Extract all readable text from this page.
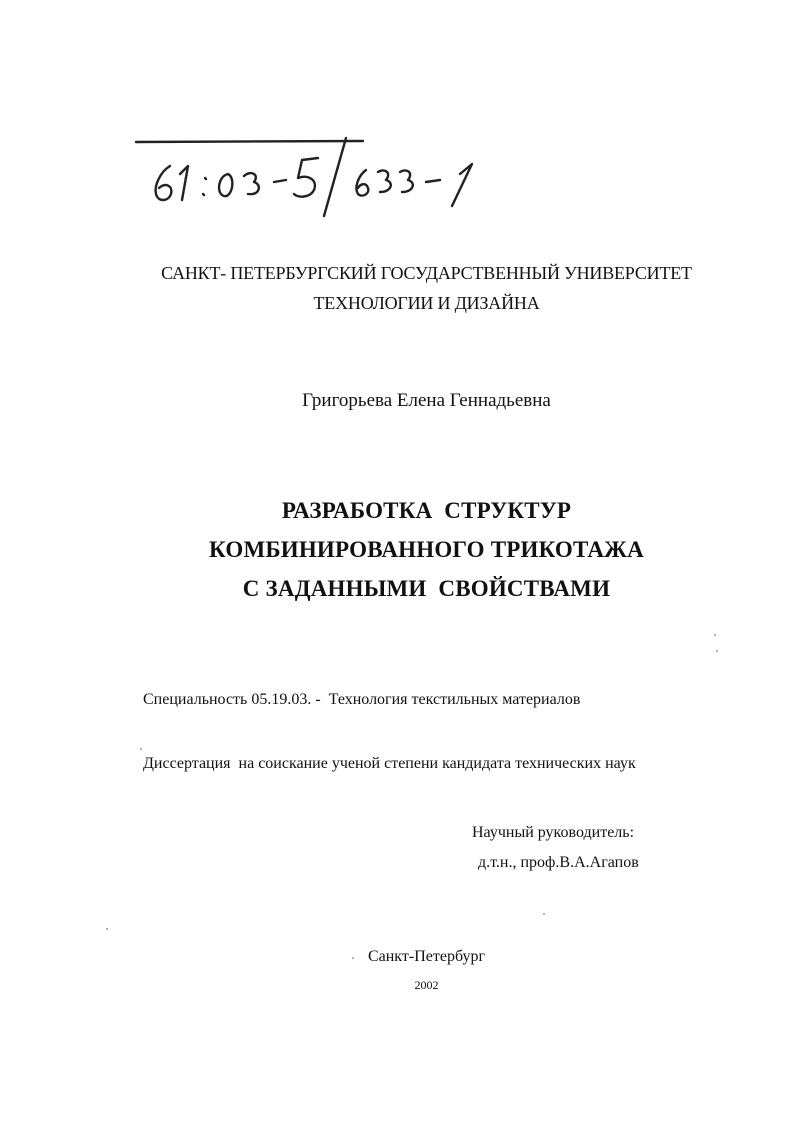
САНКТ- ПЕТЕРБУРГСКИЙ ГОСУДАРСТВЕННЫЙ УНИВЕРСИТЕТ
ТЕХНОЛОГИИ И ДИЗАЙНА
Григорьева Елена Геннадьевна
РАЗРАБОТКА  СТРУКТУР
КОМБИНИРОВАННОГО ТРИКОТАЖА
С ЗАДАННЫМИ  СВОЙСТВАМИ
Специальность 05.19.03. -  Технология текстильных материалов
Диссертация  на соискание ученой степени кандидата технических наук
Научный руководитель:
д.т.н., проф.В.А.Агапов
Санкт-Петербург
2002
